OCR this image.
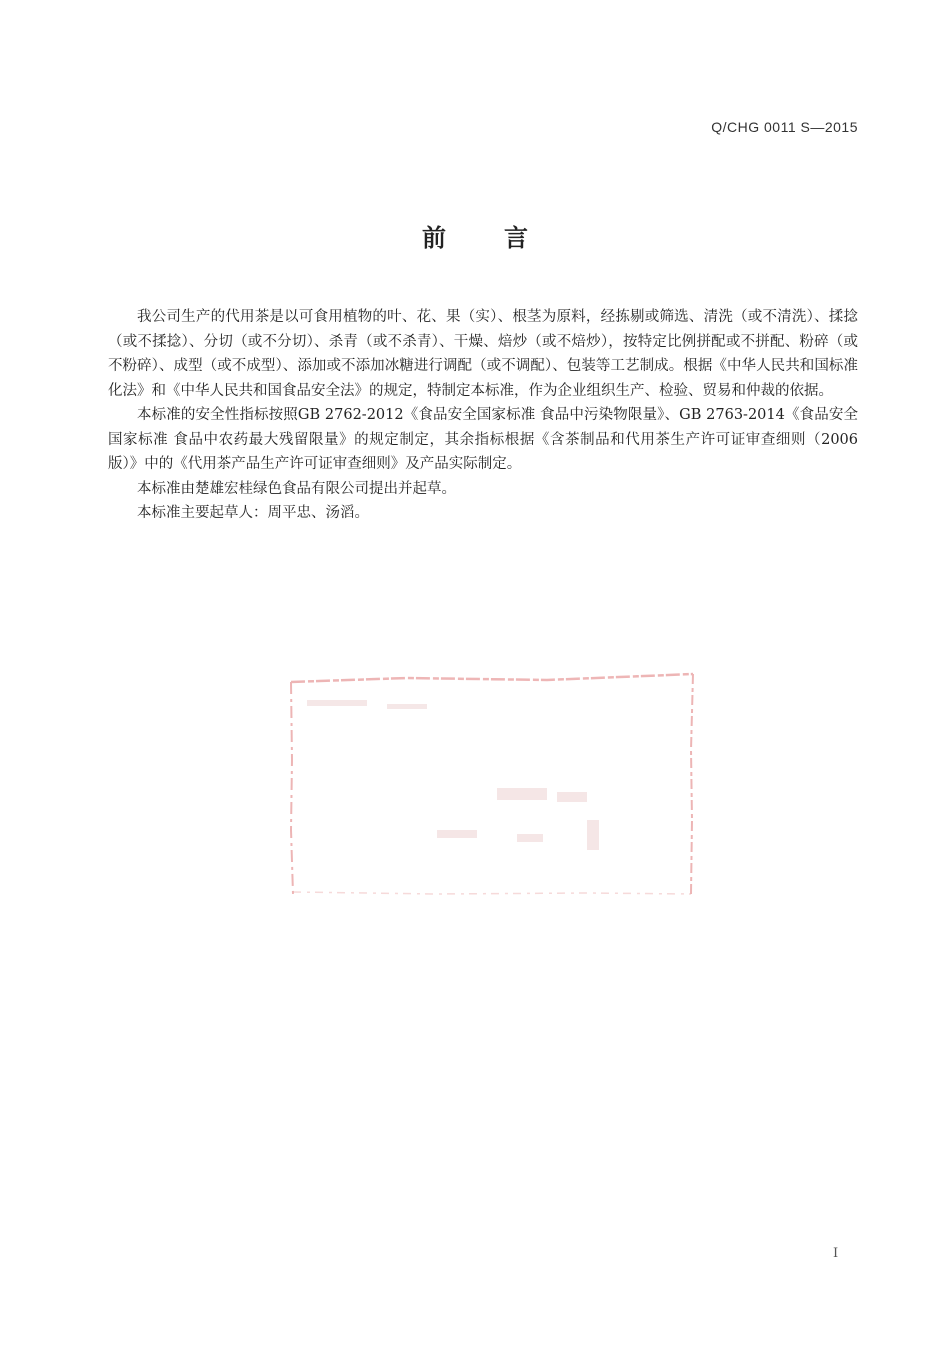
Q/CHG 0011 S—2015
前言

我公司生产的代用茶是以可食用植物的叶、花、果（实）、根茎为原料，经拣剔或筛选、清洗（或不清洗）、揉捻（或不揉捻）、分切（或不分切）、杀青（或不杀青）、干燥、焙炒（或不焙炒），按特定比例拼配或不拼配、粉碎（或不粉碎）、成型（或不成型）、添加或不添加冰糖进行调配（或不调配）、包装等工艺制成。根据《中华人民共和国标准化法》和《中华人民共和国食品安全法》的规定，特制定本标准，作为企业组织生产、检验、贸易和仲裁的依据。

本标准的安全性指标按照GB 2762-2012《食品安全国家标准 食品中污染物限量》、GB 2763-2014《食品安全国家标准 食品中农药最大残留限量》的规定制定，其余指标根据《含茶制品和代用茶生产许可证审查细则（2006版）》中的《代用茶产品生产许可证审查细则》及产品实际制定。

本标准由楚雄宏桂绿色食品有限公司提出并起草。

本标准主要起草人：周平忠、汤滔。

I
